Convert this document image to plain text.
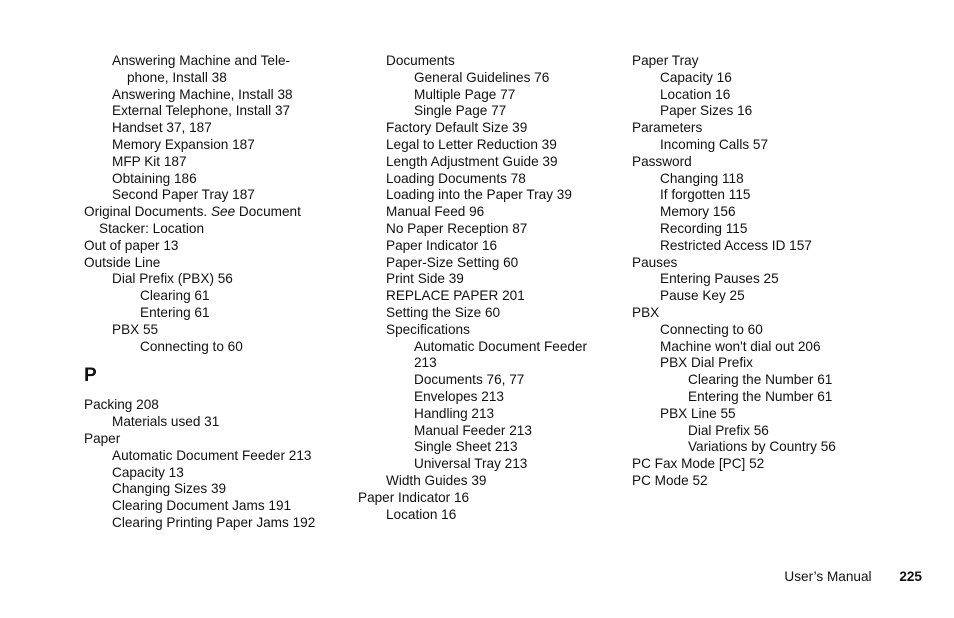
Answering Machine and Tele-
phone, Install 38
Answering Machine, Install 38
External Telephone, Install 37
Handset 37, 187
Memory Expansion 187
MFP Kit 187
Obtaining 186
Second Paper Tray 187
Original Documents. See Document
Stacker: Location
Out of paper 13
Outside Line
Dial Prefix (PBX) 56
Clearing 61
Entering 61
PBX 55
Connecting to 60
P
Packing 208
Materials used 31
Paper
Automatic Document Feeder 213
Capacity 13
Changing Sizes 39
Clearing Document Jams 191
Clearing Printing Paper Jams 192
Documents
General Guidelines 76
Multiple Page 77
Single Page 77
Factory Default Size 39
Legal to Letter Reduction 39
Length Adjustment Guide 39
Loading Documents 78
Loading into the Paper Tray 39
Manual Feed 96
No Paper Reception 87
Paper Indicator 16
Paper-Size Setting 60
Print Side 39
REPLACE PAPER 201
Setting the Size 60
Specifications
Automatic Document Feeder
213
Documents 76, 77
Envelopes 213
Handling 213
Manual Feeder 213
Single Sheet 213
Universal Tray 213
Width Guides 39
Paper Indicator 16
Location 16
Paper Tray
Capacity 16
Location 16
Paper Sizes 16
Parameters
Incoming Calls 57
Password
Changing 118
If forgotten 115
Memory 156
Recording 115
Restricted Access ID 157
Pauses
Entering Pauses 25
Pause Key 25
PBX
Connecting to 60
Machine won't dial out 206
PBX Dial Prefix
Clearing the Number 61
Entering the Number 61
PBX Line 55
Dial Prefix 56
Variations by Country 56
PC Fax Mode [PC] 52
PC Mode 52
User’s Manual 225
